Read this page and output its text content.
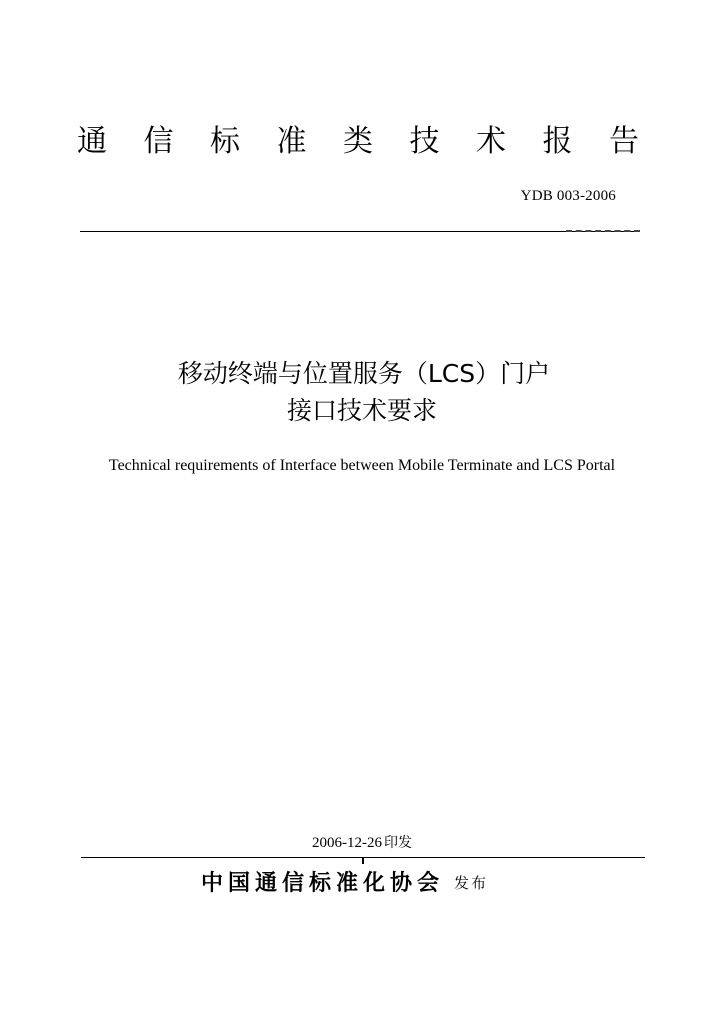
通 信 标 准 类 技 术 报 告
YDB 003-2006
移动终端与位置服务（LCS）门户
接口技术要求
Technical requirements of Interface between Mobile Terminate and LCS Portal
2006-12-26 印发
中国通信标准化协会 发布
